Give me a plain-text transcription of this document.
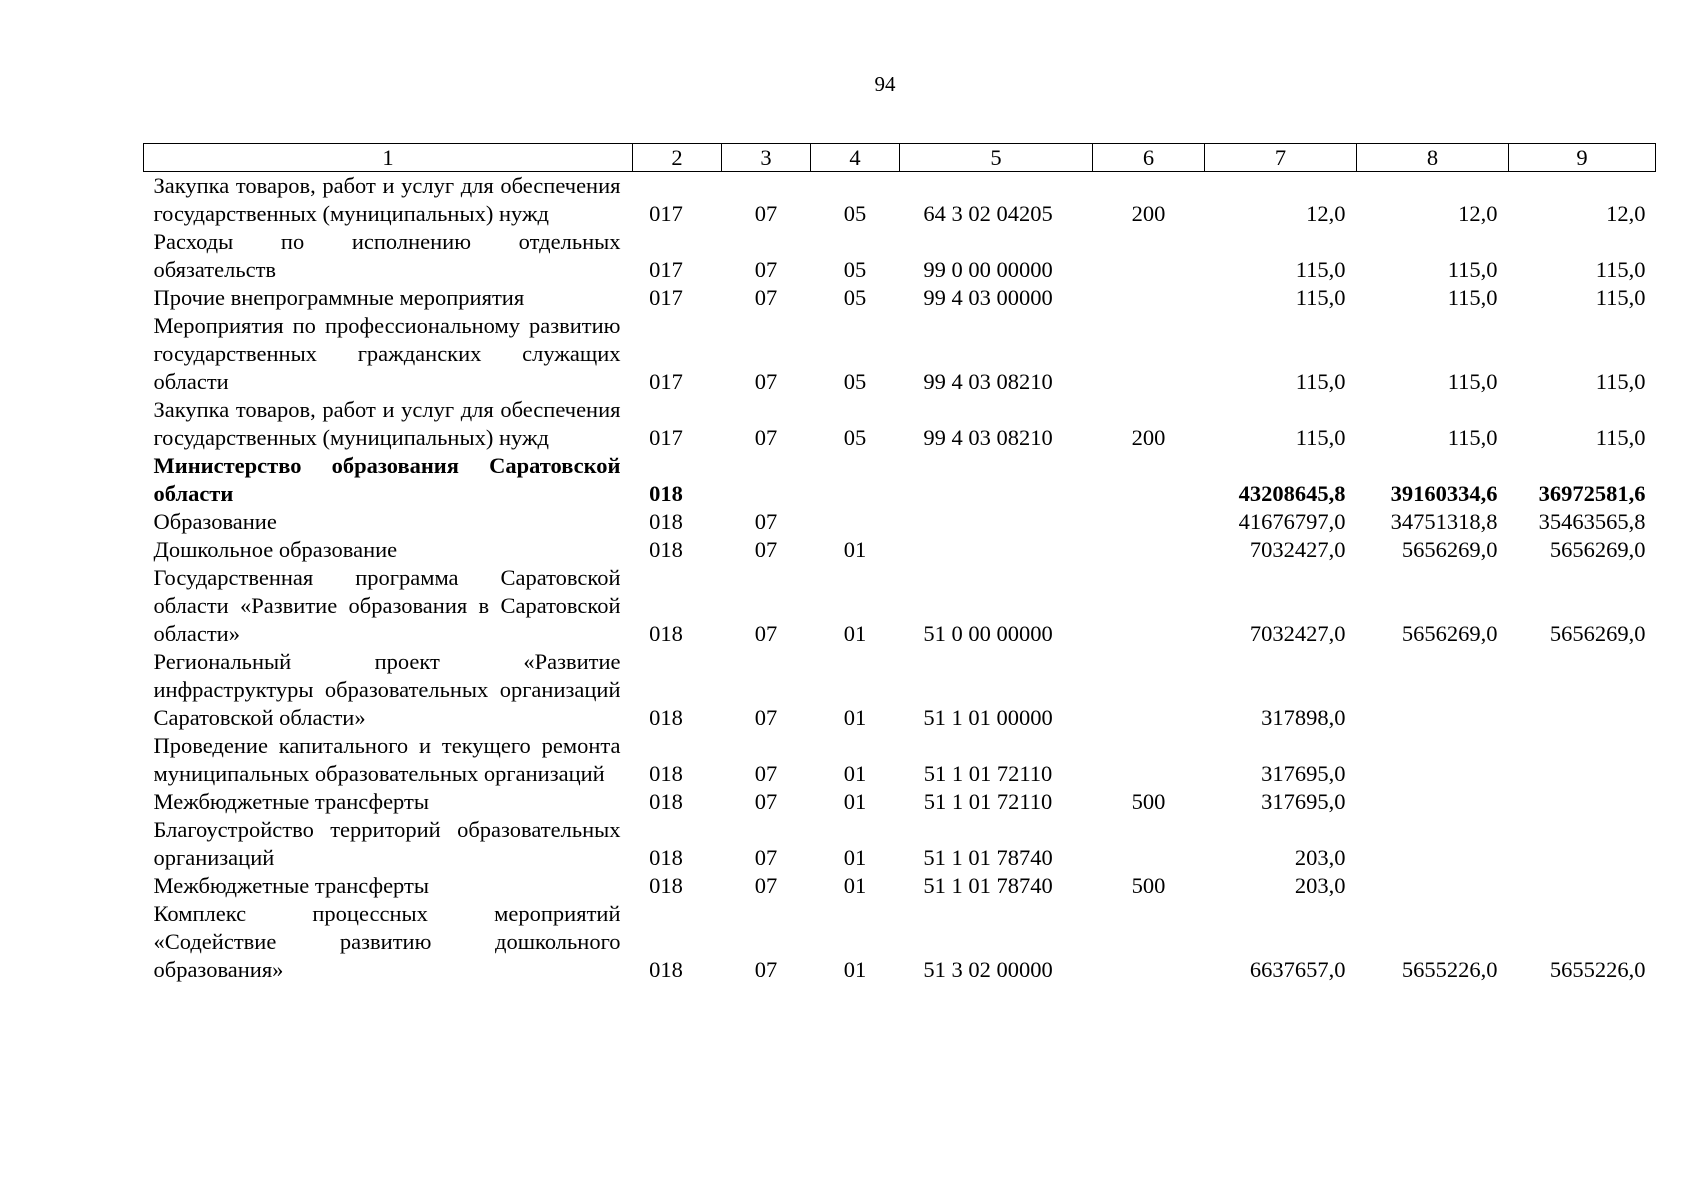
94
1	2	3	4	5	6	7	8	9
Закупка товаров, работ и услуг для обеспечения государственных (муниципальных) нужд	017	07	05	64 3 02 04205	200	12,0	12,0	12,0
Расходы по исполнению отдельных обязательств	017	07	05	99 0 00 00000		115,0	115,0	115,0
Прочие внепрограммные мероприятия	017	07	05	99 4 03 00000		115,0	115,0	115,0
Мероприятия по профессиональному развитию государственных гражданских служащих области	017	07	05	99 4 03 08210		115,0	115,0	115,0
Закупка товаров, работ и услуг для обеспечения государственных (муниципальных) нужд	017	07	05	99 4 03 08210	200	115,0	115,0	115,0
Министерство образования Саратовской области	018					43208645,8	39160334,6	36972581,6
Образование	018	07				41676797,0	34751318,8	35463565,8
Дошкольное образование	018	07	01			7032427,0	5656269,0	5656269,0
Государственная программа Саратовской области «Развитие образования в Саратовской области»	018	07	01	51 0 00 00000		7032427,0	5656269,0	5656269,0
Региональный проект «Развитие инфраструктуры образовательных организаций Саратовской области»	018	07	01	51 1 01 00000		317898,0		
Проведение капитального и текущего ремонта муниципальных образовательных организаций	018	07	01	51 1 01 72110		317695,0		
Межбюджетные трансферты	018	07	01	51 1 01 72110	500	317695,0		
Благоустройство территорий образовательных организаций	018	07	01	51 1 01 78740		203,0		
Межбюджетные трансферты	018	07	01	51 1 01 78740	500	203,0		
Комплекс процессных мероприятий «Содействие развитию дошкольного образования»	018	07	01	51 3 02 00000		6637657,0	5655226,0	5655226,0
